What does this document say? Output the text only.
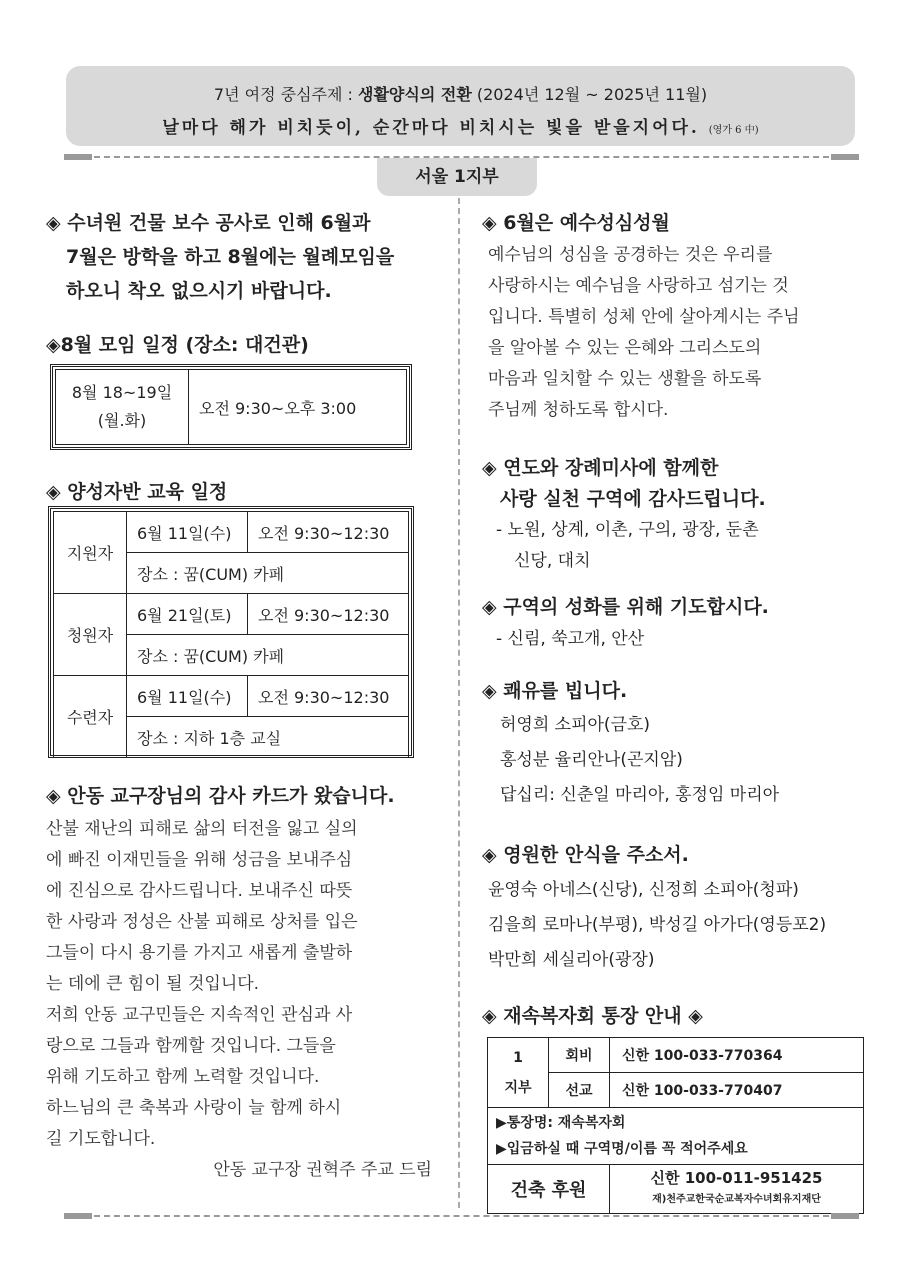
7년 여정 중심주제 : 생활양식의 전환 (2024년 12월 ~ 2025년 11월)
날마다 해가 비치듯이, 순간마다 비치시는 빛을 받을지어다. (영가 6 中)
서울 1지부
◈ 수녀원 건물 보수 공사로 인해 6월과
7월은 방학을 하고 8월에는 월례모임을
하오니 착오 없으시기 바랍니다.
◈8월 모임 일정 (장소: 대건관)
8월 18~19일
(월.화)
	오전 9:30~오후 3:00
◈ 양성자반 교육 일정
지원자	6월 11일(수)	오전 9:30~12:30
	장소 : 꿈(CUM) 카페	
청원자	6월 21일(토)	오전 9:30~12:30
	장소 : 꿈(CUM) 카페	
수련자	6월 11일(수)	오전 9:30~12:30
	장소 : 지하 1층 교실	
◈ 안동 교구장님의 감사 카드가 왔습니다.
산불 재난의 피해로 삶의 터전을 잃고 실의
에 빠진 이재민들을 위해 성금을 보내주심
에 진심으로 감사드립니다. 보내주신 따뜻
한 사랑과 정성은 산불 피해로 상처를 입은
그들이 다시 용기를 가지고 새롭게 출발하
는 데에 큰 힘이 될 것입니다.
저희 안동 교구민들은 지속적인 관심과 사
랑으로 그들과 함께할 것입니다. 그들을
위해 기도하고 함께 노력할 것입니다.
하느님의 큰 축복과 사랑이 늘 함께 하시
길 기도합니다.
안동 교구장 권혁주 주교 드림
◈ 6월은 예수성심성월
예수님의 성심을 공경하는 것은 우리를
사랑하시는 예수님을 사랑하고 섬기는 것
입니다. 특별히 성체 안에 살아계시는 주님
을 알아볼 수 있는 은혜와 그리스도의
마음과 일치할 수 있는 생활을 하도록
주님께 청하도록 합시다.
◈ 연도와 장례미사에 함께한
사랑 실천 구역에 감사드립니다.
- 노원, 상계, 이촌, 구의, 광장, 둔촌
신당, 대치
◈ 구역의 성화를 위해 기도합시다.
- 신림, 쑥고개, 안산
◈ 쾌유를 빕니다.
허영희 소피아(금호)
홍성분 율리안나(곤지암)
답십리: 신춘일 마리아, 홍정임 마리아
◈ 영원한 안식을 주소서.
윤영숙 아네스(신당), 신정희 소피아(청파)
김을희 로마나(부평), 박성길 아가다(영등포2)
박만희 세실리아(광장)
◈ 재속복자회 통장 안내 ◈
1
지부	회비	신한 100-033-770364
	선교	신한 100-033-770407

▶통장명: 재속복자회
▶입금하실 때 구역명/이름 꼭 적어주세요		

건축 후원		신한 100-011-951425
재)천주교한국순교복자수녀회유지재단
